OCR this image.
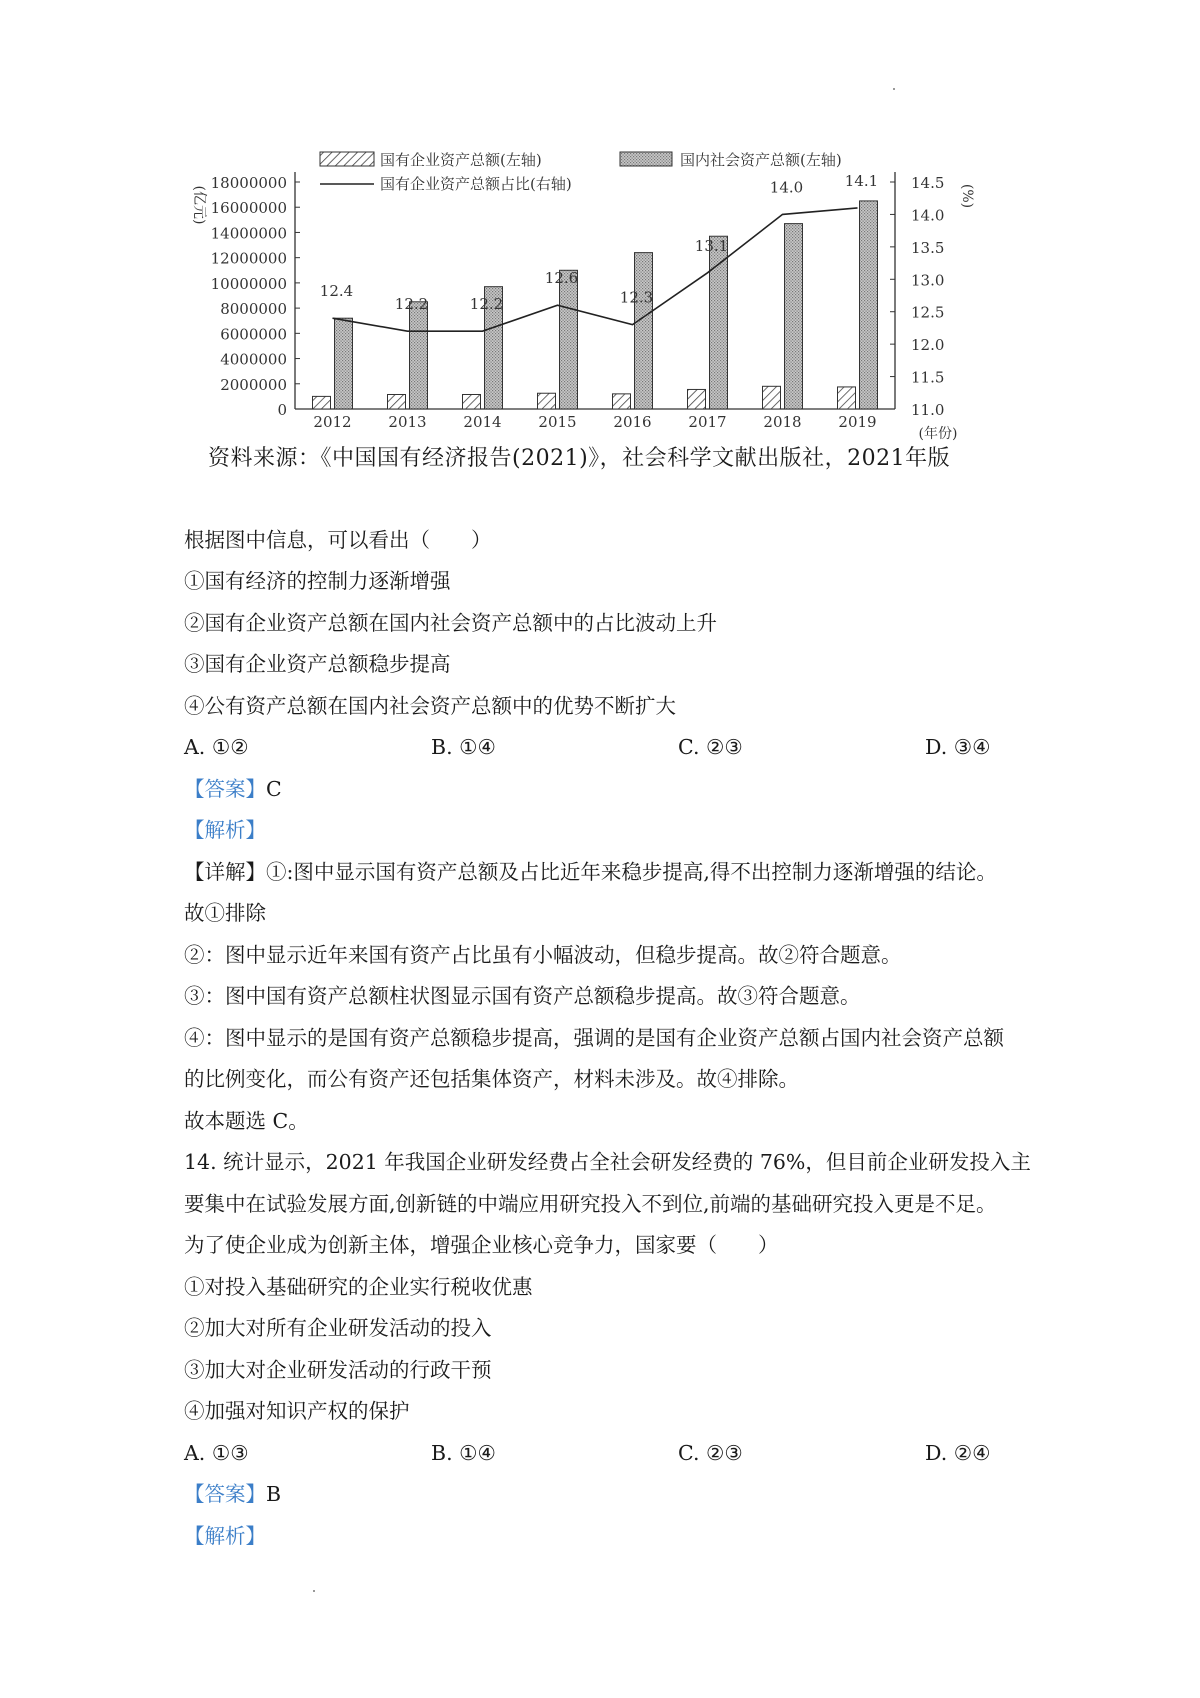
0
2000000
4000000
6000000
8000000
10000000
12000000
14000000
16000000
18000000
11.0
11.5
12.0
12.5
13.0
13.5
14.0
14.5
(亿元)	(%)
(年份)
2012 2013 2014 2015 2016 2017 2018 2019
12.4
12.2	12.2
12.6
12.3
13.1
14.0	14.1
国有企业资产总额(左轴)	国内社会资产总额(左轴)
国有企业资产总额占比(右轴)
资料来源：《中国国有经济报告(2021)》，社会科学文献出版社，2021年版
根据图中信息，可以看出（　　）
①国有经济的控制力逐渐增强
②国有企业资产总额在国内社会资产总额中的占比波动上升
③国有企业资产总额稳步提高
④公有资产总额在国内社会资产总额中的优势不断扩大
A. ①②	B. ①④	C. ②③	D. ③④
【答案】C
【解析】
【详解】①:图中显示国有资产总额及占比近年来稳步提高,得不出控制力逐渐增强的结论。
故①排除
②：图中显示近年来国有资产占比虽有小幅波动，但稳步提高。故②符合题意。
③：图中国有资产总额柱状图显示国有资产总额稳步提高。故③符合题意。
④：图中显示的是国有资产总额稳步提高，强调的是国有企业资产总额占国内社会资产总额
的比例变化，而公有资产还包括集体资产，材料未涉及。故④排除。
故本题选 C。
14. 统计显示，2021 年我国企业研发经费占全社会研发经费的 76%，但目前企业研发投入主
要集中在试验发展方面,创新链的中端应用研究投入不到位,前端的基础研究投入更是不足。
为了使企业成为创新主体，增强企业核心竞争力，国家要（　　）
①对投入基础研究的企业实行税收优惠
②加大对所有企业研发活动的投入
③加大对企业研发活动的行政干预
④加强对知识产权的保护
A. ①③	B. ①④	C. ②③	D. ②④
【答案】B
【解析】
